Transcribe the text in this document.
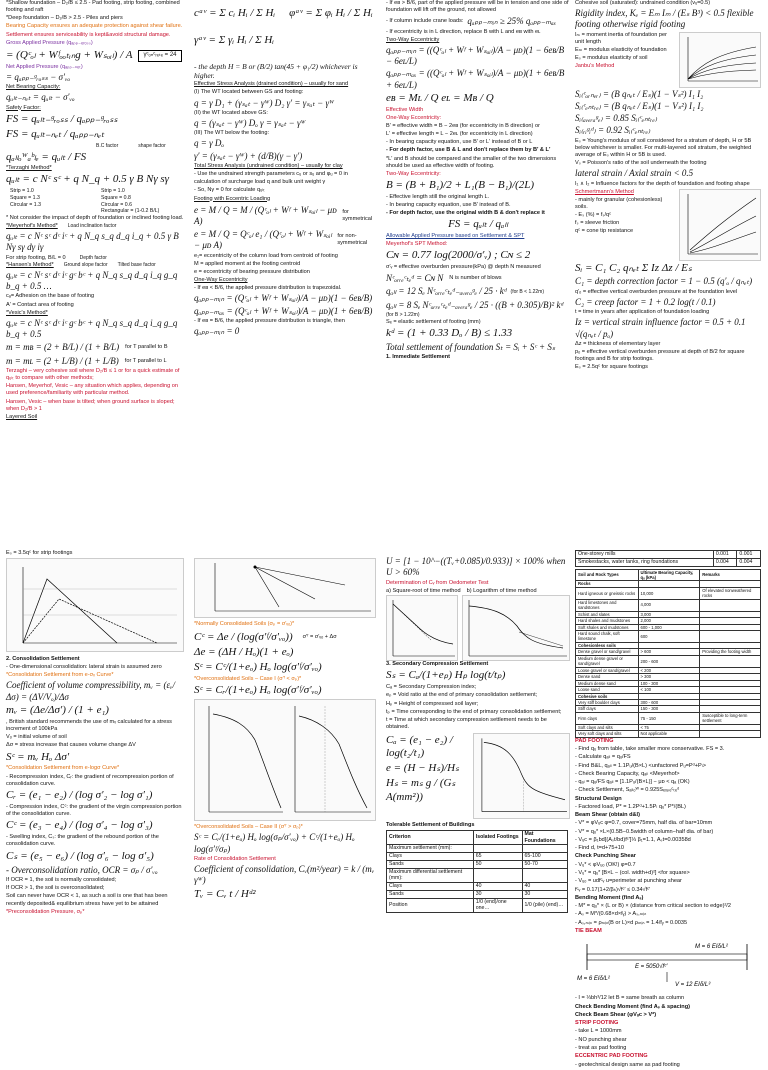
*Shallow foundation – D₂/B ≤ 2.5 - Pad footing, strip footing, combined footing and raft

*Deep foundation – D₂/B > 2.5 - Piles and piers

Bearing Capacity ensures an adequate protection against shear failure.

Settlement ensures serviceability is kept&avoid structural damage.

Gross Applied Pressure (qₐₚₚ₋ₑᵣₒₛₛ)

= (Qᶜₒₗ + Wᶠₒₒₜᵢₙg + Wₛₒᵢₗ) / A	γᶜₒₙᶜᵣₑₜₑ = 24

Net Applied Pressure (qₐₚₚ₋ₙₑₜ)

= qₐₚₚ₋ᵍᵣₒₛₛ − σ′ᵥₒ

Net Bearing Capacity:

qᵤₗₜ₋ₙₑₜ = qᵤₗₜ − σ′ᵥₒ

Safety Factor:

FS = qᵤₗₜ₋ᵍᵣₒₛₛ / qₐₚₚ₋ᵍᵣₒₛₛ
FS = qᵤₗₜ₋ₙₑₜ / qₐₚₚ₋ₙₑₜ
B.C factor	shape factor
qₐₗₗₒᵂₐᵇₗₑ = qᵤₗₜ / FS

*Terzaghi Method*

qᵤₗₜ = c Nᶜ sᶜ + q N_q + 0.5 γ B Nγ sγ
Strip = 1.0	Strip = 1.0
Square = 1.3	Square = 0.8
Circular = 1.3	Circular = 0.6
Rectangular = (1-0.2 B/L)

* Not consider the impact of depth of foundation or inclined footing load.

*Meyerhof's Method* Load inclination factor
qᵤₗₜ = c Nᶜ sᶜ dᶜ iᶜ + q N_q s_q d_q i_q + 0.5 γ B Nγ sγ dγ iγ
For strip footing, B/L = 0	Depth factor
*Hansen's Method* Ground slope factor Tilted base factor
qᵤₗₜ = c Nᶜ sᶜ dᶜ iᶜ gᶜ bᶜ + q N_q s_q d_q i_q g_q b_q + 0.5 …

cₐ= Adhesion on the base of footing

A′ = Contact area of footing

*Vesic's Method*

qᵤₗₜ = c Nᶜ sᶜ dᶜ iᶜ gᶜ bᶜ + q N_q s_q d_q i_q g_q b_q + 0.5
m = mʙ = (2 + B/L) / (1 + B/L) for T parallel to B
m = mʟ = (2 + L/B) / (1 + L/B) for T parallel to L

Terzaghi – very cohesive soil where D₂/B ≤ 1 or for a quick estimate of qᵤₗₜ to compare with other methods;

Hansen, Meyerhof, Vesic – any situation which applies, depending on used preference/familiarity with particular method.

Hansen, Vesic – when base is tilted; when ground surface is sloped; when D₂/B > 1

Layered Soil

cᵃᵛ = Σ cᵢ Hᵢ / Σ Hᵢ φᵃᵛ = Σ φᵢ Hᵢ / Σ Hᵢ
γᵃᵛ = Σ γᵢ Hᵢ / Σ Hᵢ
- the depth H = B or (B/2) tan(45 + φ₁/2) whichever is higher.

Effective Stress Analysis (drained condition) – usually for sand

(I) The WT located between GS and footing:

q = γ D₁ + (γₛₐₜ − γᵂ) D₂ γ′ = γₛₐₜ − γᵂ

(II) the WT located above GS:

q = (γₛₐₜ − γᵂ) Dₒ γ = γₛₐₜ − γᵂ

(III) The WT below the footing:

q = γ Dₒ
γ′ = (γₛₐₜ − γᵂ) + (d/B)(γ − γ′)

Total Stress Analysis (undrained condition) – usually for clay

- Use the undrained strength parameters cᵤ or sᵤ and φᵤ = 0 in

calculation of surcharge load q and bulk unit weight γ

- So, Nγ = 0 for calculate qᵤₗₜ

Footing with Eccentric Loading

e = M / Q = M / (Qᶜₒₗ + Wᶠ + Wₛₒᵢₗ − μᴅ A)
for symmetrical
e = M / Q = Qᶜₒₗ e₁ / (Qᶜₒₗ + Wᶠ + Wₛₒᵢₗ − μᴅ A)
for non-symmetrical

e₁= eccentricity of the column load from centroid of footing

M = applied moment at the footing centroid

e = eccentricity of bearing pressure distribution

One-Way Eccentricity

- If eʙ < B/6, the applied pressure distribution is trapezoidal.

qₐₚₚ₋ₘᵢₙ = (Qᶜₒₗ + Wᶠ + Wₛₒᵢₗ)/A − μᴅ)(1 − 6eʙ/B)
qₐₚₚ₋ₘₐₓ = (Qᶜₒₗ + Wᶠ + Wₛₒᵢₗ)/A − μᴅ)(1 + 6eʙ/B)

- If eʙ = B/6, the applied pressure distribution is triangle, then

qₐₚₚ₋ₘᵢₙ = 0

- If eʙ > B/6, part of the applied pressure will be in tension and one side of foundation will lift off the ground, not allowed

- If column include crane loads: qₐₚₚ₋ₘᵢₙ ≥ 25% qₐₚₚ₋ₘₐₓ

- If eccentricity is in L direction, replace B with L and eʙ with eʟ

Two-Way Eccentricity

qₐₚₚ₋ₘᵢₙ = ((Qᶜₒₗ + Wᶠ + Wₛₒᵢₗ)/A − μᴅ)(1 − 6eʙ/B − 6eʟ/L)
qₐₚₚ₋ₘₐₓ = ((Qᶜₒₗ + Wᶠ + Wₛₒᵢₗ)/A − μᴅ)(1 + 6eʙ/B + 6eʟ/L)
eʙ = Mʟ / Q eʟ = Mʙ / Q

Effective Width

One-Way Eccentricity:

B′ = effective width = B − 2eʙ (for eccentricity in B direction) or

L′ = effective length = L − 2eʟ (for eccentricity in L direction)

- In bearing capacity equation, use B′ or L′ instead of B or L

- For depth factor, use B & L and don't replace them by B′ & L′

*L′ and B should be compared and the smaller of the two dimensions should be used as effective width of footing.

Two-Way Eccentricity:

B = (B + B₁)/2 + L₁(B − B₁)/(2L)

- Effective length still the original length L.

- In bearing capacity equation, use B′ instead of B.

- For depth factor, use the original width B & don't replace it

FS = qᵤₗₜ / qₐₗₗ

Allowable Applied Pressure based on Settlement & SPT

Meyerhof's SPT Method:

Cɴ = 0.77 log(2000/σ′ᵥ) ; Cɴ ≤ 2

σ′ᵥ = effective overburden pressure(kPa) @ depth N measured

Nᶜₒᵣᵣₑᶜₜₑᵈ = Cɴ N N is number of blows
qₐₗₗ = 12 Sₑ Nᶜₒᵣᵣₑᶜₜₑᵈ₋ₐᵥₑᵣₐᵍₑ / 25 · kᵈ (for B < 1.22m)
qₐₗₗ = 8 Sₑ Nᶜₒᵣᵣₑᶜₜₑᵈ₋ₐᵥₑᵣₐᵍₑ / 25 · ((B + 0.305)/B)² kᵈ
(for B > 1.22m)

Sₑ = elastic settlement of footing (mm)

kᵈ = (1 + 0.33 Dₒ / B) ≤ 1.33
Total settlement of foundation Sₜ = Sᵢ + Sᶜ + Sₛ

1. Immediate Settlement

Cohesive soil (saturated): undrained condition (vᵤ=0.5)

Rigidity index, Kₑ = Eₘ Iₘ / (Eₛ B³) < 0.5 flexible footing otherwise rigid footing

Iₘ = moment inertia of foundation per unit length

Eₘ = modulus elasticity of foundation

Eₛ = modulus elasticity of soil

Janbu's Method

Sᵢ₍ᶜₒᵣₙₑᵣ₎ = (B qₙₑₜ / Eₛ)(1 − Vₛ²) I₁ I₂
Sᵢ₍ᶜₑₙₜᵣₑ₎ = (B qₙₑₜ / Eₛ)(1 − Vₛ²) I₁ I₂
Sᵢ₍ₐᵥₑᵣₐᵍₑ₎ = 0.85 Sᵢ₍ᶜₑₙₜᵣₑ₎
Sᵢ₍ᵣᵢᵍᵢᵈ₎ = 0.92 Sᵢ₍ᶜₑₙₜᵣₑ₎

Eₛ = Young's modulus of soil considered for a stratum of depth, H or 5B below whichever is smaller. For multi-layered soil stratum, the weighted average of Eₛ within H or 5B is used.

Vₛ = Poisson's ratio of the soil underneath the footing

lateral strain / Axial strain < 0.5

I₁ ∧ I₂ = Influence factors for the depth of foundation and footing shape

Schmertmann's Method

- mainly for granular (cohesionless) soils.

- Eₛ (%) = fₛ/qᶜ

fₛ = sleeve friction

qᶜ = cone tip resistance

Sᵢ = C₁ C₂ qₙₑₜ Σ Iᴢ Δz / Eₛ
C₁ = depth correction factor = 1 − 0.5 (q′ₒ / qₙₑₜ)

q′ₒ = effective vertical overburden pressure at the foundation level

C₂ = creep factor = 1 + 0.2 log(t / 0.1)

t = time in years after application of foundation loading

Iᴢ = vertical strain influence factor = 0.5 + 0.1 √(qₙₑₜ / pₒ)

Δz = thickness of elementary layer

pₒ = effective vertical overburden pressure at depth of B/2 for square footings and B for strip footings.

Eₛ = 2.5qᶜ for square footings

Eₛ = 3.5qᶜ for strip footings

2. Consolidation Settlement

- One-dimensional consolidation: lateral strain is assumed zero

*Consolidation Settlement from e-σᵥ Curve*

Coefficient of volume compressibility, mᵥ = (εᵥ/Δσ) = (ΔV/Vₒ)/Δσ
mᵥ = (Δe/Δσ′) / (1 + e₁)

, British standard recommends the use of mᵥ calculated for a stress increment of 100kPa

Vₒ = initial volume of soil

Δσ = stress increase that causes volume change ΔV

Sᶜ = mᵥ Hₒ Δσ′

*Consolidation Settlement from e-logσ Curve*

- Recompression index, Cᵣ: the gradient of recompression portion of consolidation curve.

Cᵣ = (e₁ − e₂) / (log σ′₂ − log σ′₁)

- Compression index, Cᶜ: the gradient of the virgin compression portion of the consolidation curve.

Cᶜ = (e₃ − e₄) / (log σ′₄ − log σ′₃)

- Swelling index, Cₛ: the gradient of the rebound portion of the consolidation curve.

Cₛ = (e₅ − e₆) / (log σ′₆ − log σ′₅)
- Overconsolidation ratio, OCR = σₚ / σ′ᵥₒ

If OCR = 1, the soil is normally consolidated;

If OCR > 1, the soil is overconsolidated;

Soil can never have OCR < 1, as such a soil is one that has been recently deposited& equilibrium stress have yet to be attained

*Preconsolidation Pressure, σₚ*

*Normally Consolidated Soils (σₚ = σ′ᵥₒ)*

Cᶜ = Δe / (log(σ′ᶠ/σ′ᵥₒ)) σ′ᶠ = σ′ᵥₒ + Δσ
Δe = (ΔH / Hₒ)(1 + eₒ)
Sᶜ = Cᶜ/(1+eₒ) Hₒ log(σ′ᶠ/σ′ᵥₒ)

*Overconsolidated Soils – Case I (σ′ᶠ < σₚ)*

Sᶜ = Cᵣ/(1+eₒ) Hₒ log(σ′ᶠ/σ′ᵥₒ)

*Overconsolidated Soils – Case II (σ′ᶠ > σₚ)*

Sᶜ = Cᵣ/(1+eₒ) Hₒ log(σₚ/σ′ᵥₒ) + Cᶜ/(1+eₒ) Hₒ log(σ′ᶠ/σₚ)

Rate of Consolidation Settlement

Coefficient of consolidation, Cᵥ(m²/year) = k / (mᵥ γᵂ)
Tᵥ = Cᵥ t / Hᵈ²
U = [1 − 10^−((Tᵥ+0.085)/0.933)] × 100% when U > 60%

Determination of Cᵥ from Oedometer Test

a) Square-root of time method b) Logarithm of time method

3. Secondary Compression Settlement

Sₛ = Cₐ/(1+eₚ) Hₚ log(t/tₚ)

Cₐ = Secondary Compression index;

eₚ = Void ratio at the end of primary consolidation settlement;

Hₚ = Height of compressed soil layer;

tₚ = Time corresponding to the end of primary consolidation settlement;

t = Time at which secondary compression settlement needs to be obtained.

Cₐ = (e₁ − e₂) / log(t₂/t₁)
e = (H − Hₛ)/Hₛ
Hₛ = mₛ g / (Gₛ A(mm²))

Tolerable Settlement of Buildings

Criterion	Isolated Footings	Mat Foundations
Maximum settlement (mm):		
Clays	65	65-100
Sands	50	50-70
Maximum differential settlement (mm):		
Clays	40	40
Sands	30	30
Position	1/0 (end)/one one…	1/0 (pile) (end)…
One-storey mills	0.001	0.001
Smokestacks, water tanks, ring foundations	0.004	0.004
Soil and Rock Types	Ultimate Bearing Capacity, qᵤ (kPa)	Remarks
Rocks		
Hard igneous or gneissic rocks	10,000	Of elevated nonweathered rocks
Hard limestones and sandstones	4,000	
Schist and slates	3,000	
Hard shales and mudstones	2,000	
Soft shales and mudstones	600 - 1,000	
Hard sound chalk, soft limestone	600	
Cohesionless soils		
Dense gravel or sand/gravel	> 600	Providing the footing width
Medium dense gravel or sand/gravel	200 - 600	
Loose gravel or sand/gravel	< 200	
Dense sand	> 300	
Medium dense sand	100 - 300	
Loose sand	< 100	
Cohesive soils		
Very stiff boulder clays	300 - 600	
Stiff clays	150 - 300	
Firm clays	75 - 150	Susceptible to long-term settlement
Soft clays and silts	< 75	
Very soft clays and silts	Not applicable	

PAD FOOTING

- Find qᵤ from table, take smaller more conservative. FS = 3.

- Calculate qₐₗₗ = qᵤ/FS

- Find B&L, qₐₗₗ = 1.1Pᵤ/(B×L) <unfactored Pᵤ=Pᵈ+Pₗ>

- Check Bearing Capacity, qₐₗₗ <Meyerhof>

- qₐₗ = qᵤ/FS qₐₗₗ = [1.1Pᵤ/(B×L)] − μᴅ < qₐ (OK)

- Check Settlement, Sₐₗₗₒᵂ = 0.925Sₑₓₚₑᶜₜₑᵈ

Structural Design

- Factored load, P* = 1.2Pᵈ+1.5Pₗ qᵤ* P*/(BL)

Beam Shear (obtain d&l)

- V* = φVᵤc φ=0.7, cover=75mm, half dia. of bar=10mm

- V* = qᵤ* ×L×(0.5B−0.5width of column−half dia. of bar)

- Vᵤc = β₁bd[(Aₛt/bd)fᶜ′]⅓ β₁=1.1, Aₛt=0.00358d

- Find d, t=d+75+10

Check Punching Shear

- Vᵤ* < φVᵤₒ (OK!) φ=0.7

- Vᵤ* = qᵤ* [B×L − (col. width+d)²] <for square>

- Vᵤₒ = udfᶜᵥ u=perimeter at punching shear

fᶜᵥ = 0.17(1+2/βₕ)√fᶜ′ ≤ 0.34√fᶜ′

Bending Moment (find Aₛ)

- M* = qᵤ* × (L or B) × (distance from critical section to edge)²/2

- Aₛ = M*/(0.68×d×fᵧ) > Aₛ,ₘᵢₙ

- Aₛ,ₘᵢₙ = ρₘᵢₙ(B or L)×d ρₘᵢₙ = 1.4/fᵧ = 0.0035

TIE BEAM

M = 6 EIδ/L²
V = 12 EIδ/L³
M = 6 EIδ/L²
E = 5050√fᶜ′

- I = ⅓bh³/12 let B = same breath as column

Check Bending Moment (find Aₛ & spacing)

Check Beam Shear (φVᵤc > V*)

STRIP FOOTING

- take L = 1000mm

- NO punching shear

- treat as pad footing

ECCENTRIC PAD FOOTING

- geotechnical design same as pad footing
